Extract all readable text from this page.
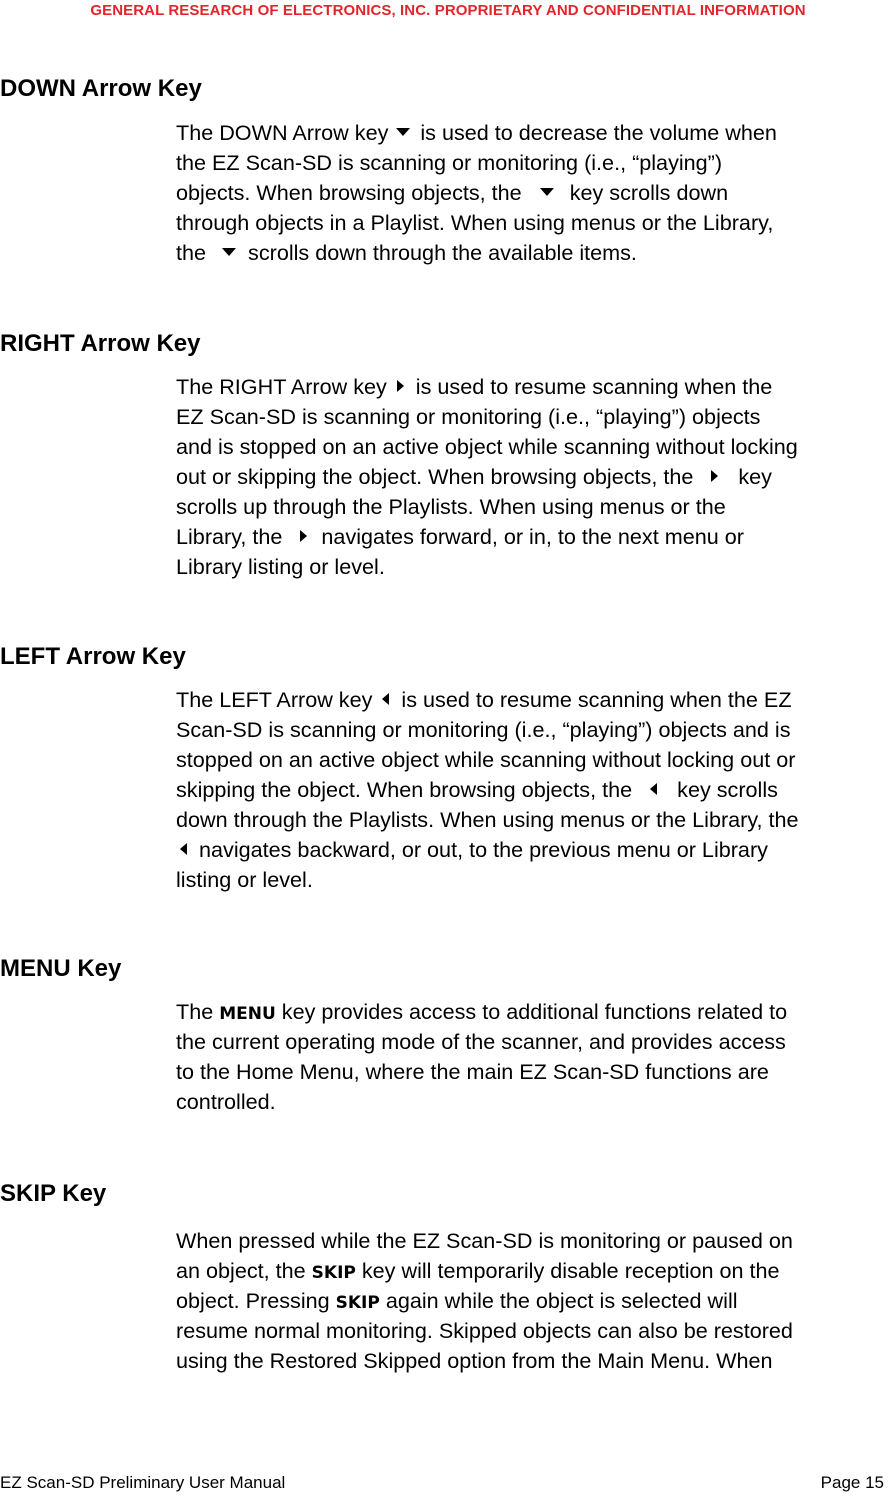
GENERAL RESEARCH OF ELECTRONICS, INC. PROPRIETARY AND CONFIDENTIAL INFORMATION
DOWN Arrow Key
The DOWN Arrow key is used to decrease the volume when
the EZ Scan-SD is scanning or monitoring (i.e., “playing”)
objects. When browsing objects, the key scrolls down
through objects in a Playlist. When using menus or the Library,
the scrolls down through the available items.
RIGHT Arrow Key
The RIGHT Arrow key is used to resume scanning when the
EZ Scan-SD is scanning or monitoring (i.e., “playing”) objects
and is stopped on an active object while scanning without locking
out or skipping the object. When browsing objects, the key
scrolls up through the Playlists. When using menus or the
Library, the navigates forward, or in, to the next menu or
Library listing or level.
LEFT Arrow Key
The LEFT Arrow key is used to resume scanning when the EZ
Scan-SD is scanning or monitoring (i.e., “playing”) objects and is
stopped on an active object while scanning without locking out or
skipping the object. When browsing objects, the key scrolls
down through the Playlists. When using menus or the Library, the
navigates backward, or out, to the previous menu or Library
listing or level.
MENU Key
The MENU key provides access to additional functions related to
the current operating mode of the scanner, and provides access
to the Home Menu, where the main EZ Scan-SD functions are
controlled.
SKIP Key
When pressed while the EZ Scan-SD is monitoring or paused on
an object, the SKIP key will temporarily disable reception on the
object. Pressing SKIP again while the object is selected will
resume normal monitoring. Skipped objects can also be restored
using the Restored Skipped option from the Main Menu. When
EZ Scan-SD Preliminary User Manual	Page 15
